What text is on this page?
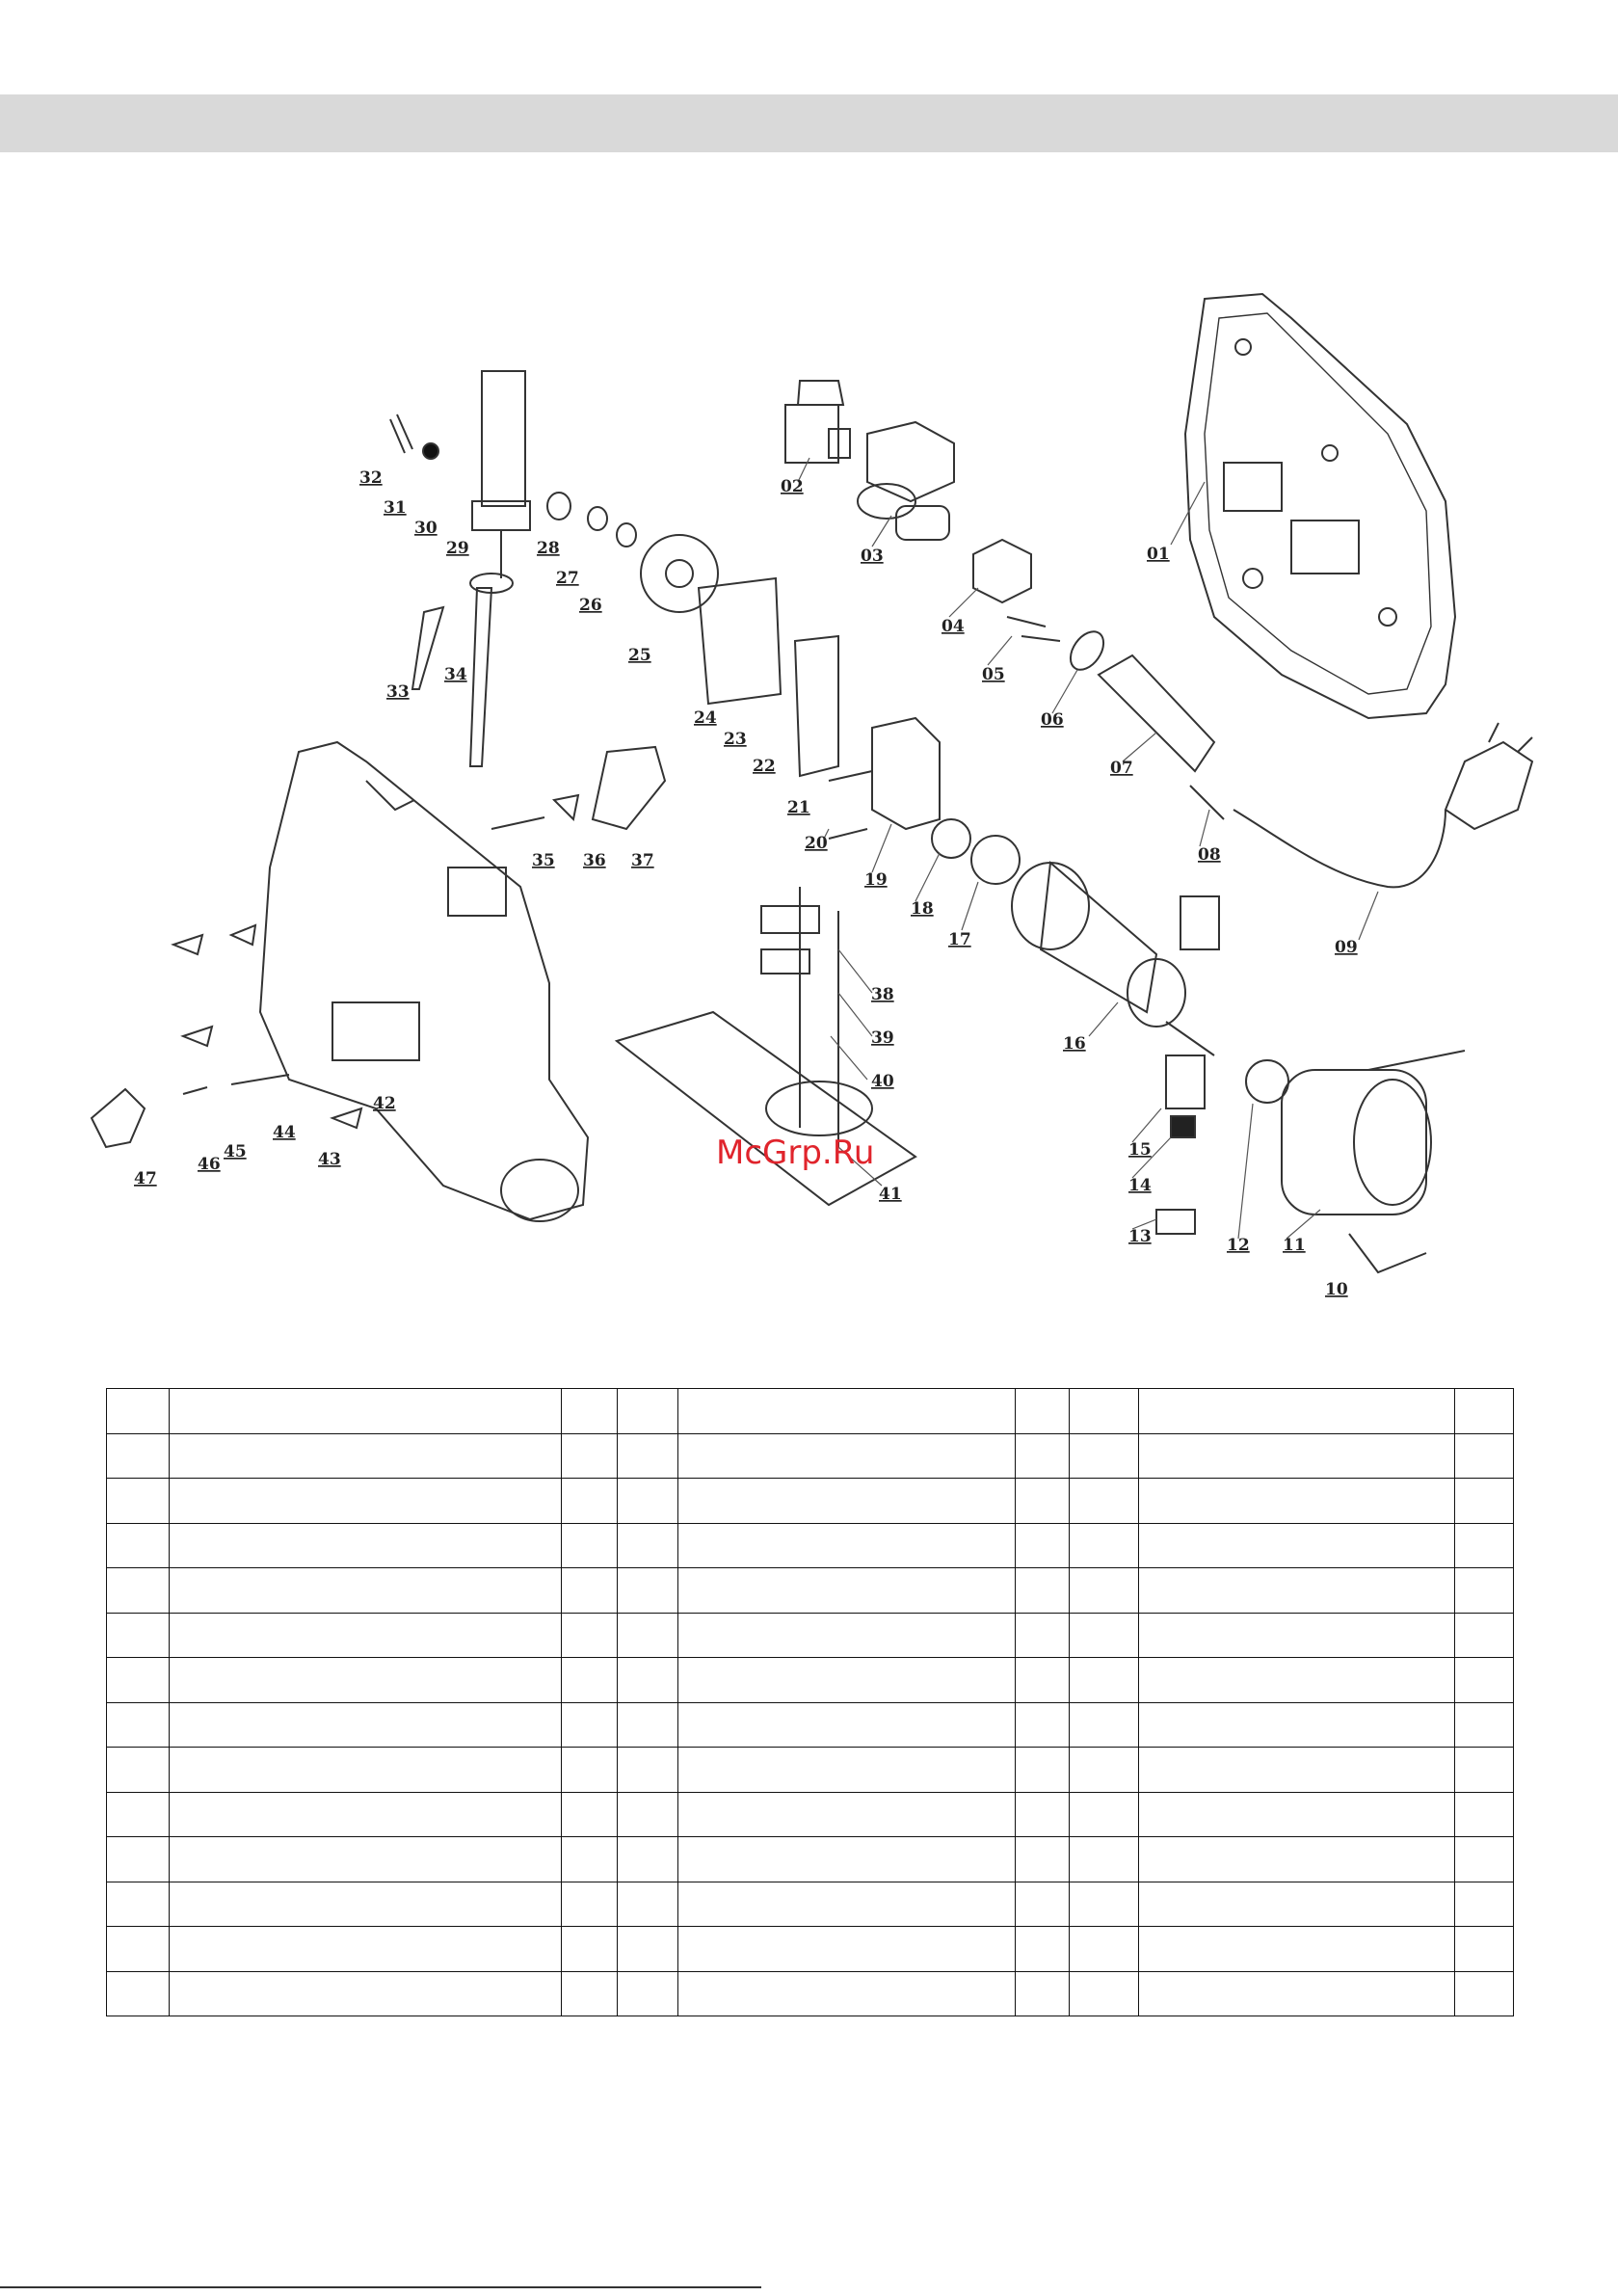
01
02
03
04
05
06
07
08
09
10
11
12
13
14
15
16
17
18
19
20
21
22
23
24
25
26
27
28
29
30
31
32
33
34
35 36 37
38
39
40
41
42
43
44
45
46
47
McGrp.Ru
